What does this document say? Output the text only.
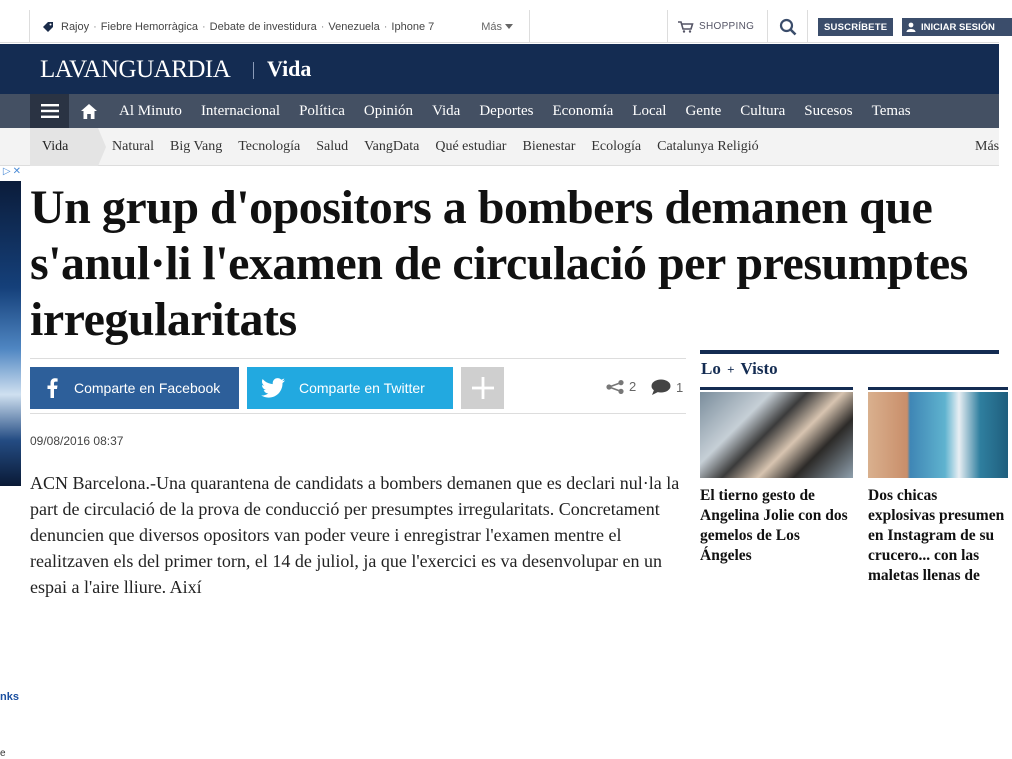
Rajoy · Fiebre Hemorràgica · Debate de investidura · Venezuela · Iphone 7	Más	SHOPPING	SUSCRÍBETE	INICIAR SESIÓN
LAVANGUARDIA Vida
Al Minuto Internacional Política Opinión Vida Deportes Economía Local Gente Cultura Sucesos Temas
Vida	Natural Big Vang Tecnología Salud VangData Qué estudiar Bienestar Ecología Catalunya Religió	Más
▷ ✕
nks
e
Un grup d'opositors a bombers demanen que s'anul·li l'examen de circulació per presumptes irregularitats
Comparte en Facebook	Comparte en Twitter	2	1
09/08/2016 08:37

ACN Barcelona.-Una quarantena de candidats a bombers demanen que es declari nul·la la part de circulació de la prova de conducció per presumptes irregularitats. Concretament denuncien que diversos opositors van poder veure i enregistrar l'examen mentre el realitzaven els del primer torn, el 14 de juliol, ja que l'exercici es va desenvolupar en un espai a l'aire lliure. Així

Lo + Visto
El tierno gesto de Angelina Jolie con dos gemelos de Los Ángeles
Dos chicas explosivas presumen en Instagram de su crucero... con las maletas llenas de
